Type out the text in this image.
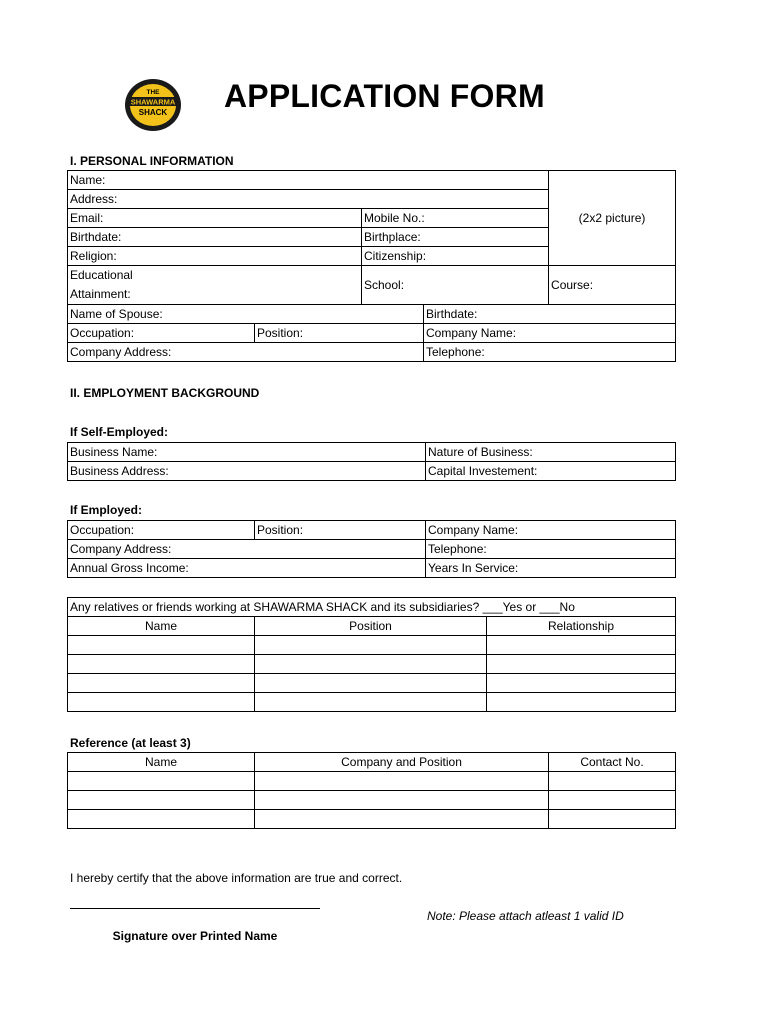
THE
SHAWARMA
SHACK APPLICATION FORM
I. PERSONAL INFORMATION
Name:				(2x2 picture)
Address:				
Email:		Mobile No.:		
Birthdate:		Birthplace:		
Religion:		Citizenship:		
Educational
Attainment:		School:		Course:
Name of Spouse:			Birthdate:	
Occupation:	Position:		Company Name:	
Company Address:			Telephone:	
II. EMPLOYMENT BACKGROUND
If Self-Employed:
Business Name:	Nature of Business:
Business Address:	Capital Investement:
If Employed:
Occupation:	Position:	Company Name:
Company Address:		Telephone:
Annual Gross Income:		Years In Service:
Any relatives or friends working at SHAWARMA SHACK and its subsidiaries? ___Yes or ___No		
Name	Position	Relationship

Reference (at least 3)
Name	Company and Position	Contact No.

I hereby certify that the above information are true and correct.
Signature over Printed Name
Note: Please attach atleast 1 valid ID
